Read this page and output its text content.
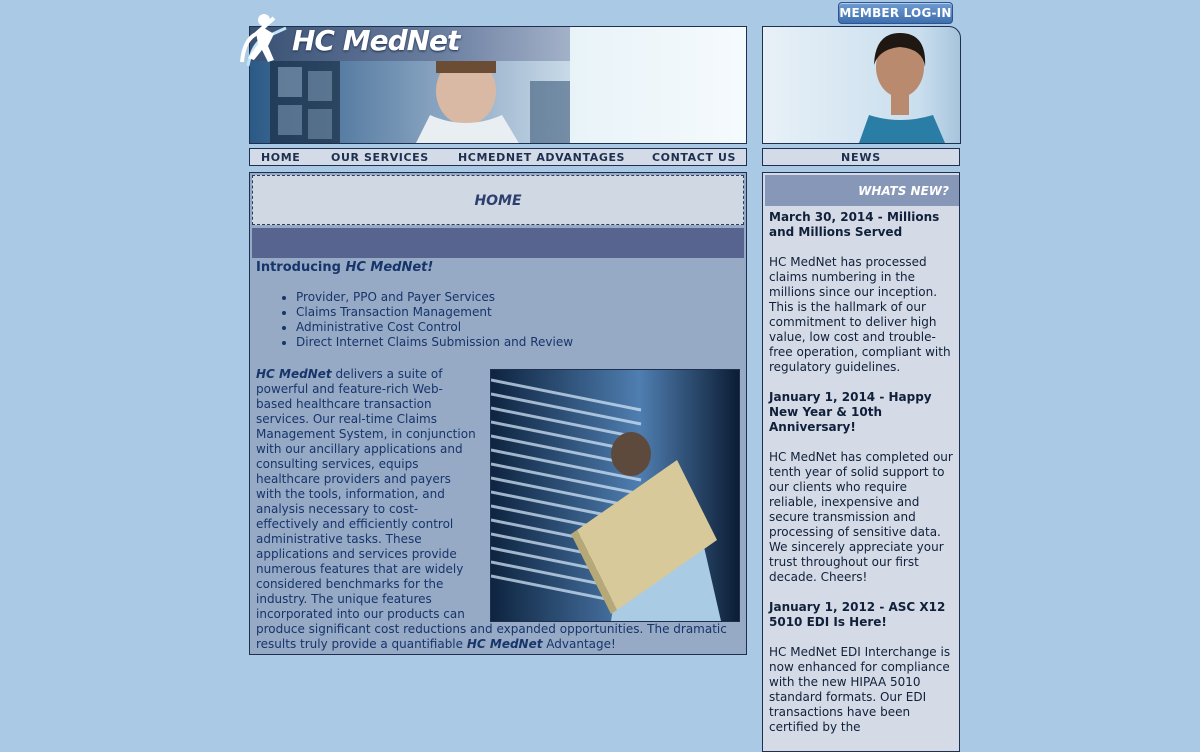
MEMBER LOG-IN
HC MedNet
HOME	OUR SERVICES	HCMEDNET ADVANTAGES CONTACT US	NEWS
HOME
Introducing HC MedNet!
• Provider, PPO and Payer Services
• Claims Transaction Management
• Administrative Cost Control
• Direct Internet Claims Submission and Review
HC MedNet delivers a suite of powerful and feature-rich Web-based healthcare transaction services. Our real-time Claims Management System, in conjunction with our ancillary applications and consulting services, equips healthcare providers and payers with the tools, information, and analysis necessary to cost-effectively and efficiently control administrative tasks. These applications and services provide numerous features that are widely considered benchmarks for the industry. The unique features incorporated into our products can produce significant cost reductions and expanded opportunities. The dramatic results truly provide a quantifiable HC MedNet Advantage!
WHATS NEW?
March 30, 2014 - Millions and Millions Served
HC MedNet has processed claims numbering in the millions since our inception. This is the hallmark of our commitment to deliver high value, low cost and trouble-free operation, compliant with regulatory guidelines.
January 1, 2014 - Happy New Year & 10th Anniversary!
HC MedNet has completed our tenth year of solid support to our clients who require reliable, inexpensive and secure transmission and processing of sensitive data. We sincerely appreciate your trust throughout our first decade. Cheers!
January 1, 2012 - ASC X12 5010 EDI Is Here!
HC MedNet EDI Interchange is now enhanced for compliance with the new HIPAA 5010 standard formats. Our EDI transactions have been certified by the
